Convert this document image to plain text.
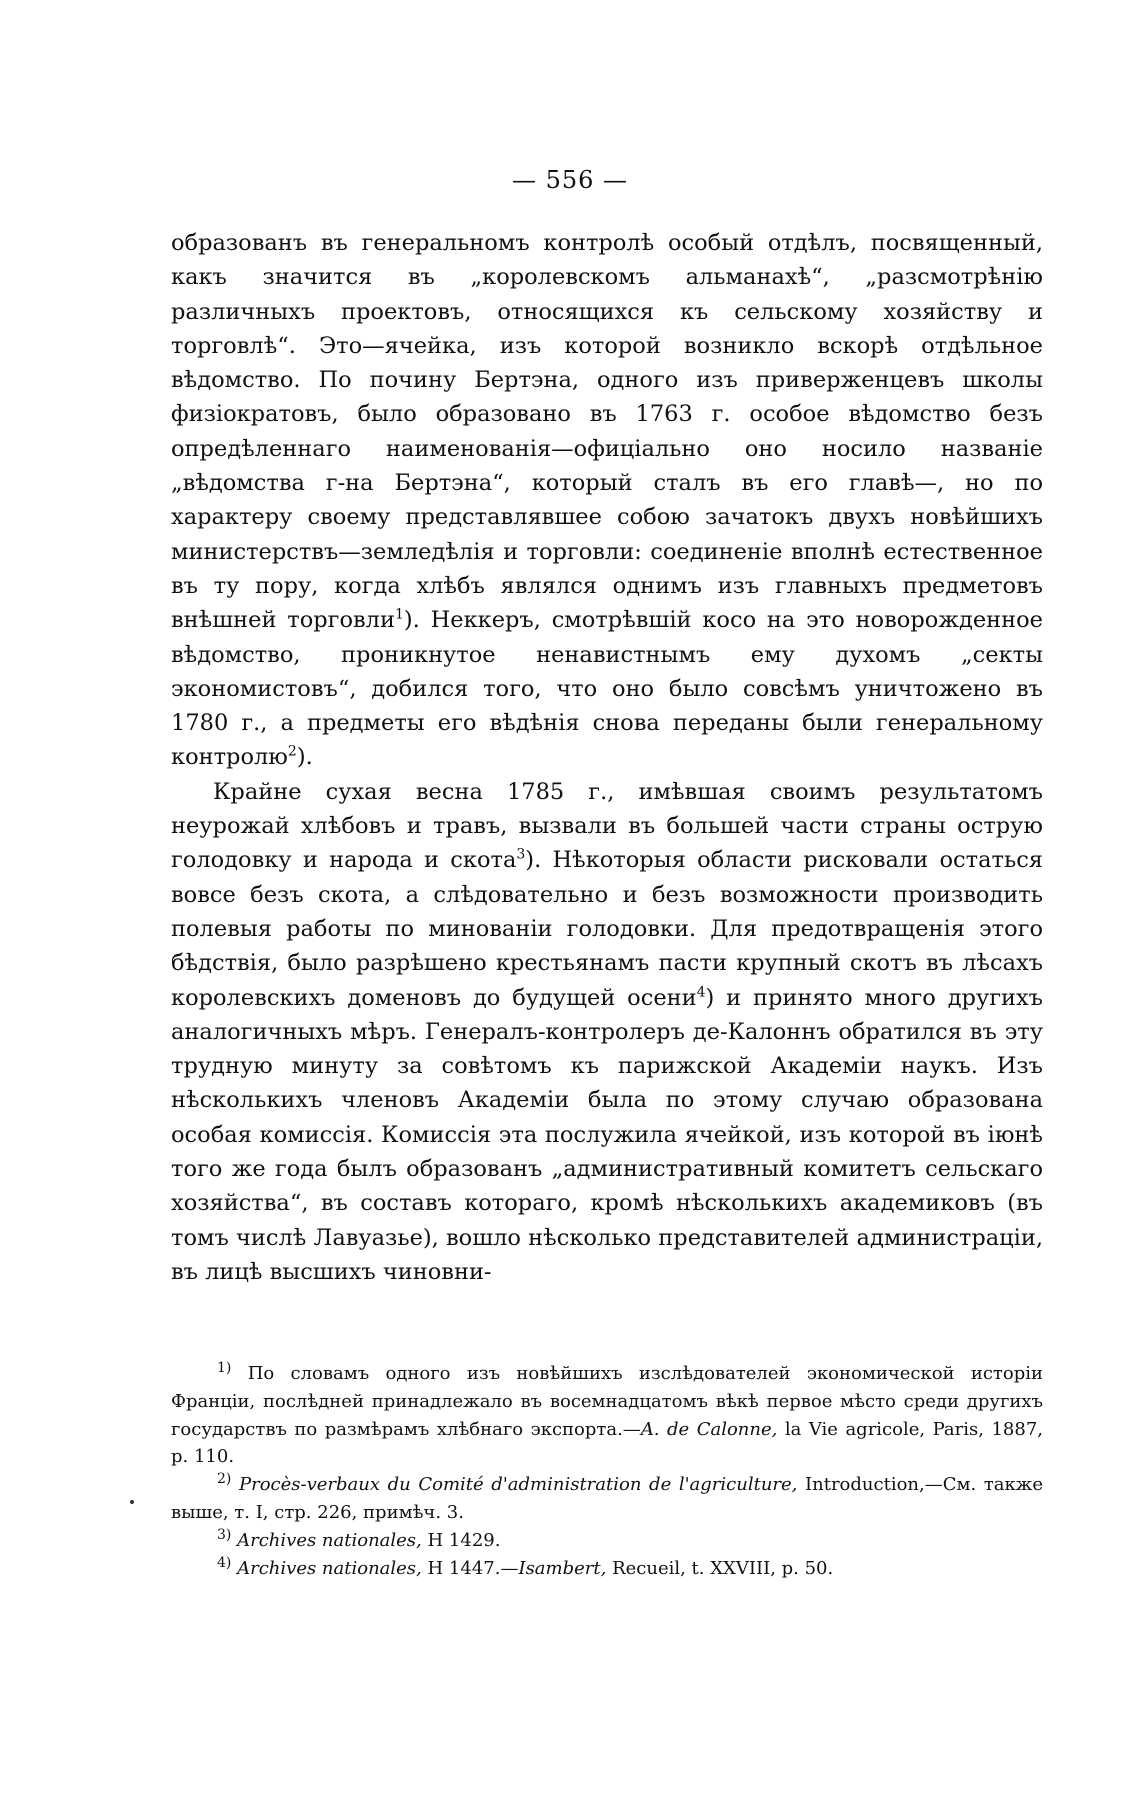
— 556 —

образованъ въ генеральномъ контролѣ особый отдѣлъ, посвященный, какъ значится въ „королевскомъ альманахѣ“, „разсмотрѣнію различныхъ проектовъ, относящихся къ сельскому хозяйству и торговлѣ“. Это—ячейка, изъ которой возникло вскорѣ отдѣльное вѣдомство. По почину Бертэна, одного изъ приверженцевъ школы физіократовъ, было образовано въ 1763 г. особое вѣдомство безъ опредѣленнаго наименованія—офиціально оно носило названіе „вѣдомства г-на Бертэна“, который сталъ въ его главѣ—, но по характеру своему представлявшее собою зачатокъ двухъ новѣйшихъ министерствъ—земледѣлія и торговли: соединеніе вполнѣ естественное въ ту пору, когда хлѣбъ являлся однимъ изъ главныхъ предметовъ внѣшней торговли$^1$). Неккеръ, смотрѣвшій косо на это новорожденное вѣдомство, проникнутое ненавистнымъ ему духомъ „секты экономистовъ“, добился того, что оно было совсѣмъ уничтожено въ 1780 г., а предметы его вѣдѣнія снова переданы были генеральному контролю$^2$).

Крайне сухая весна 1785 г., имѣвшая своимъ результатомъ неурожай хлѣбовъ и травъ, вызвали въ большей части страны острую голодовку и народа и скота$^3$). Нѣкоторыя области рисковали остаться вовсе безъ скота, а слѣдовательно и безъ возможности производить полевыя работы по минованіи голодовки. Для предотвращенія этого бѣдствія, было разрѣшено крестьянамъ пасти крупный скотъ въ лѣсахъ королевскихъ доменовъ до будущей осени$^4$) и принято много другихъ аналогичныхъ мѣръ. Генералъ-контролеръ де-Калоннъ обратился въ эту трудную минуту за совѣтомъ къ парижской Академіи наукъ. Изъ нѣсколькихъ членовъ Академіи была по этому случаю образована особая комиссія. Комиссія эта послужила ячейкой, изъ которой въ іюнѣ того же года былъ образованъ „административный комитетъ сельскаго хозяйства“, въ составъ котораго, кромѣ нѣсколькихъ академиковъ (въ томъ числѣ Лавуазье), вошло нѣсколько представителей администраціи, въ лицѣ высшихъ чиновни-

$^{1)}$ По словамъ одного изъ новѣйшихъ изслѣдователей экономической исторіи Франціи, послѣдней принадлежало въ восемнадцатомъ вѣкѣ первое мѣсто среди другихъ государствъ по размѣрамъ хлѣбнаго экспорта.—A. de Calonne, la Vie agricole, Paris, 1887, p. 110.

$^{2)}$ Procès-verbaux du Comité d'administration de l'agriculture, Introduction,—См. также выше, т. I, стр. 226, примѣч. 3.

$^{3)}$ Archives nationales, H 1429.

$^{4)}$ Archives nationales, H 1447.—Isambert, Recueil, t. XXVIII, p. 50.
